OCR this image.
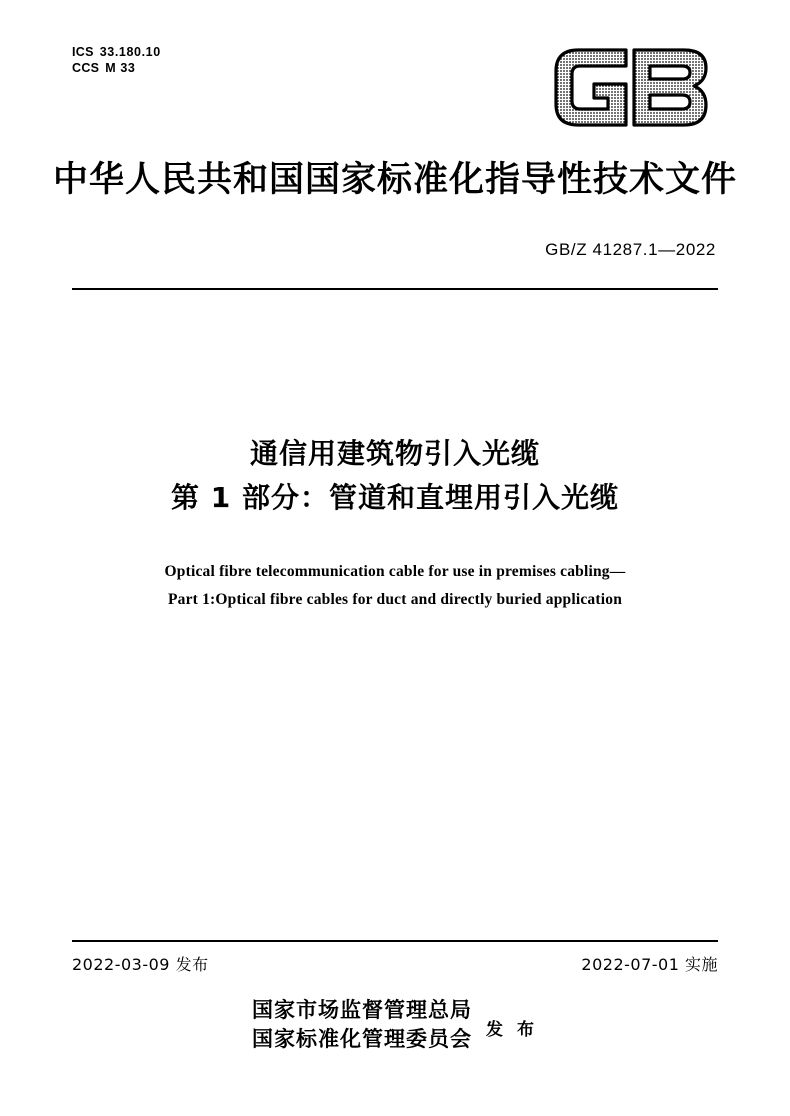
ICS 33.180.10
CCS M 33
中华人民共和国国家标准化指导性技术文件
GB/Z 41287.1—2022
通信用建筑物引入光缆
第 1 部分：管道和直埋用引入光缆
Optical fibre telecommunication cable for use in premises cabling—
Part 1:Optical fibre cables for duct and directly buried application
2022-03-09 发布	2022-07-01 实施
国家市场监督管理总局
国家标准化管理委员会 发 布
